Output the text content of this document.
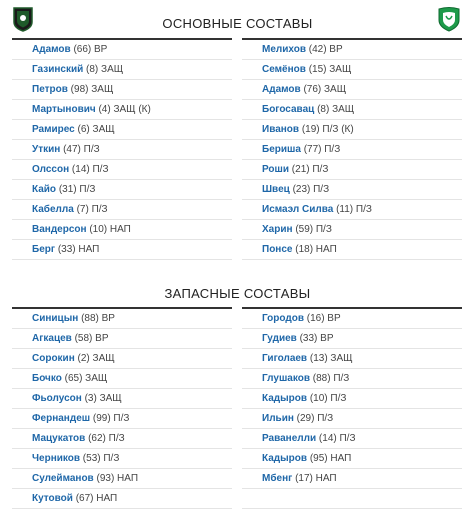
ОСНОВНЫЕ СОСТАВЫ
Адамов (66) ВР
Газинский (8) ЗАЩ
Петров (98) ЗАЩ
Мартынович (4) ЗАЩ (К)
Рамирес (6) ЗАЩ
Уткин (47) П/З
Олссон (14) П/З
Кайо (31) П/З
Кабелла (7) П/З
Вандерсон (10) НАП
Берг (33) НАП
Мелихов (42) ВР
Семёнов (15) ЗАЩ
Адамов (76) ЗАЩ
Богосавац (8) ЗАЩ
Иванов (19) П/З (К)
Бериша (77) П/З
Роши (21) П/З
Швец (23) П/З
Исмаэл Силва (11) П/З
Харин (59) П/З
Понсе (18) НАП
ЗАПАСНЫЕ СОСТАВЫ
Синицын (88) ВР
Агкацев (58) ВР
Сорокин (2) ЗАЩ
Бочко (65) ЗАЩ
Фьолусон (3) ЗАЩ
Фернандеш (99) П/З
Мацукатов (62) П/З
Черников (53) П/З
Сулейманов (93) НАП
Кутовой (67) НАП
Городов (16) ВР
Гудиев (33) ВР
Гиголаев (13) ЗАЩ
Глушаков (88) П/З
Кадыров (10) П/З
Ильин (29) П/З
Раванелли (14) П/З
Кадыров (95) НАП
Мбенг (17) НАП
